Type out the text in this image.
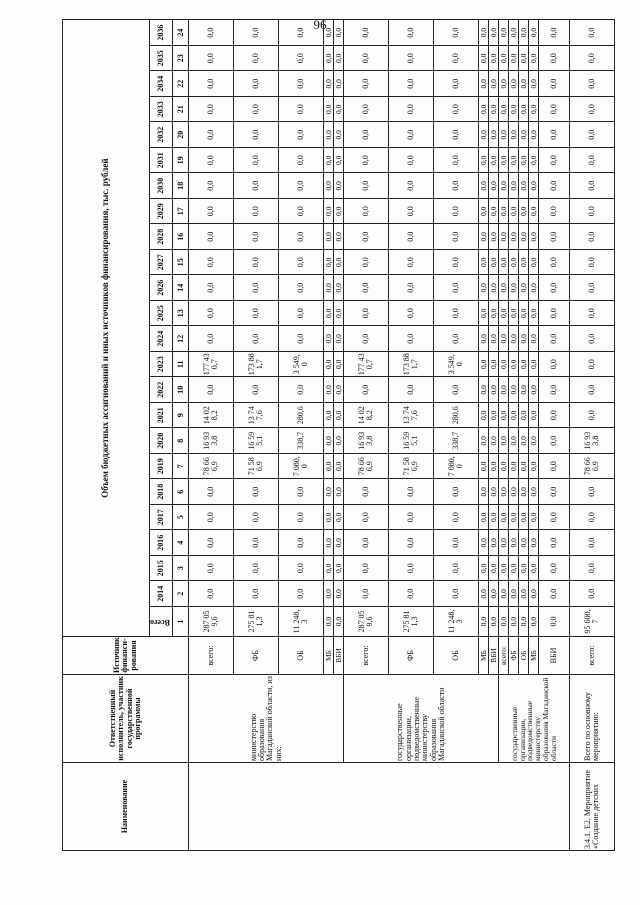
96
Наименование	Ответственный исполнитель, участник государственной программы	Источник финанси-рования	Объем бюджетных ассигнований и иных источников финансирования, тыс. рублей																								
			Всего	2014	2015	2016	2017	2018	2019	2020	2021	2022	2023	2024	2025	2026	2027	2028	2029	2030	2031	2032	2033	2034	2035	2036	
			1	2	3	4	5	6	7	8	9	10	11	12	13	14	15	16	17	18	19	20	21	22	23	24			
	министерство образования Магаданской области, из них:	всего:	287 059,6	0,0	0,0	0,0	0,0	0,0	78 666,9	16 933,8	14 028,2	0,0	177 430,7	0,0	0,0	0,0	0,0	0,0	0,0	0,0	0,0	0,0	0,0	0,0	0,0	0,0	
		ФБ	275 811,3	0,0	0,0	0,0	0,0	0,0	71 586,9	16 595,1	13 747,6	0,0	173 881,7	0,0	0,0	0,0	0,0	0,0	0,0	0,0	0,0	0,0	0,0	0,0	0,0	0,0	
		ОБ	11 248,3	0,0	0,0	0,0	0,0	0,0	7 080,0	338,7	280,6	0,0	3 549,0	0,0	0,0	0,0	0,0	0,0	0,0	0,0	0,0	0,0	0,0	0,0	0,0	0,0	
		МБ	0,0	0,0	0,0	0,0	0,0	0,0	0,0	0,0	0,0	0,0	0,0	0,0	0,0	0,0	0,0	0,0	0,0	0,0	0,0	0,0	0,0	0,0	0,0	0,0	
		ВБИ	0,0	0,0	0,0	0,0	0,0	0,0	0,0	0,0	0,0	0,0	0,0	0,0	0,0	0,0	0,0	0,0	0,0	0,0	0,0	0,0	0,0	0,0	0,0	0,0	
	государственные организации, подведомственные министерству образования Магаданской области	всего:	287 059,6	0,0	0,0	0,0	0,0	0,0	78 666,9	16 933,8	14 028,2	0,0	177 430,7	0,0	0,0	0,0	0,0	0,0	0,0	0,0	0,0	0,0	0,0	0,0	0,0	0,0	
		ФБ	275 811,3	0,0	0,0	0,0	0,0	0,0	71 586,9	16 595,1	13 747,6	0,0	173 881,7	0,0	0,0	0,0	0,0	0,0	0,0	0,0	0,0	0,0	0,0	0,0	0,0	0,0	
		ОБ	11 248,3	0,0	0,0	0,0	0,0	0,0	7 080,0	338,7	280,6	0,0	3 549,0	0,0	0,0	0,0	0,0	0,0	0,0	0,0	0,0	0,0	0,0	0,0	0,0	0,0	
		МБ	0,0	0,0	0,0	0,0	0,0	0,0	0,0	0,0	0,0	0,0	0,0	0,0	0,0	0,0	0,0	0,0	0,0	0,0	0,0	0,0	0,0	0,0	0,0	0,0	
		ВБИ	0,0	0,0	0,0	0,0	0,0	0,0	0,0	0,0	0,0	0,0	0,0	0,0	0,0	0,0	0,0	0,0	0,0	0,0	0,0	0,0	0,0	0,0	0,0	0,0	
	государственные организации, подведомственные министерству образования Магаданской области	всего:	0,0	0,0	0,0	0,0	0,0	0,0	0,0	0,0	0,0	0,0	0,0	0,0	0,0	0,0	0,0	0,0	0,0	0,0	0,0	0,0	0,0	0,0	0,0	0,0	
		ФБ	0,0	0,0	0,0	0,0	0,0	0,0	0,0	0,0	0,0	0,0	0,0	0,0	0,0	0,0	0,0	0,0	0,0	0,0	0,0	0,0	0,0	0,0	0,0	0,0	
		ОБ	0,0	0,0	0,0	0,0	0,0	0,0	0,0	0,0	0,0	0,0	0,0	0,0	0,0	0,0	0,0	0,0	0,0	0,0	0,0	0,0	0,0	0,0	0,0	0,0	
		МБ	0,0	0,0	0,0	0,0	0,0	0,0	0,0	0,0	0,0	0,0	0,0	0,0	0,0	0,0	0,0	0,0	0,0	0,0	0,0	0,0	0,0	0,0	0,0	0,0	
		ВБИ	0,0	0,0	0,0	0,0	0,0	0,0	0,0	0,0	0,0	0,0	0,0	0,0	0,0	0,0	0,0	0,0	0,0	0,0	0,0	0,0	0,0	0,0	0,0	0,0	
3.4.1. Е2. Мероприятие «Создание детских	Всего по основному мероприятию:	всего:	95 600,7	0,0	0,0	0,0	0,0	0,0	78 666,9	16 933,8	0,0	0,0	0,0	0,0	0,0	0,0	0,0	0,0	0,0	0,0	0,0	0,0	0,0	0,0	0,0	0,0	
